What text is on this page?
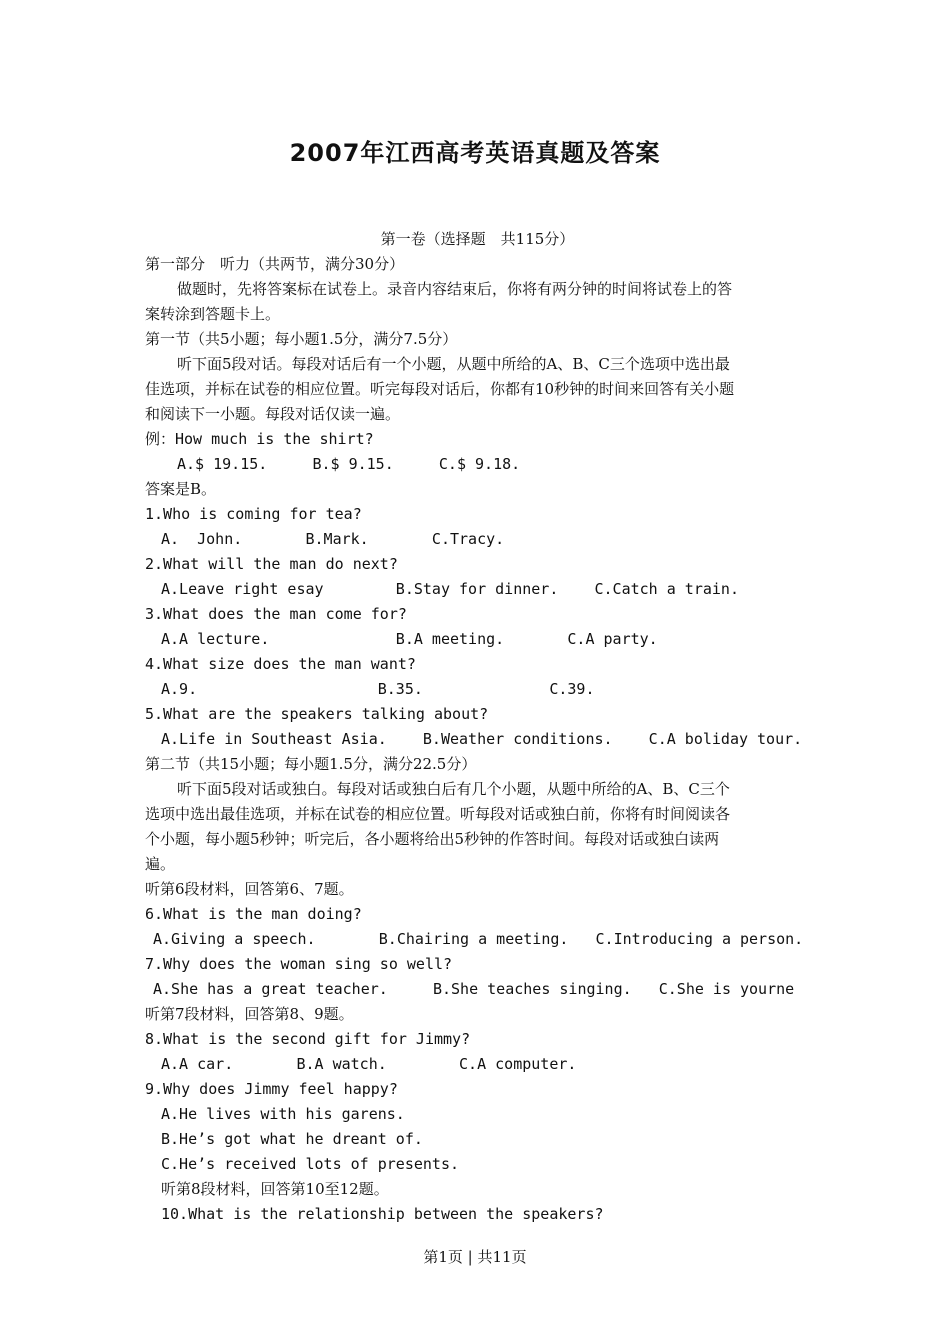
2007年江西高考英语真题及答案
第一卷（选择题　共115分）
第一部分　听力（共两节，满分30分）
做题时，先将答案标在试卷上。录音内容结束后，你将有两分钟的时间将试卷上的答
案转涂到答题卡上。
第一节（共5小题；每小题1.5分，满分7.5分）
听下面5段对话。每段对话后有一个小题，从题中所给的A、B、C三个选项中选出最
佳选项，并标在试卷的相应位置。听完每段对话后，你都有10秒钟的时间来回答有关小题
和阅读下一小题。每段对话仅读一遍。
例：How much is the shirt?
A.$ 19.15.     B.$ 9.15.     C.$ 9.18.
答案是B。
1.Who is coming for tea?
A.  John.       B.Mark.       C.Tracy.
2.What will the man do next?
A.Leave right esay        B.Stay for dinner.    C.Catch a train.
3.What does the man come for?
A.A lecture.              B.A meeting.       C.A party.
4.What size does the man want?
A.9.                    B.35.              C.39.
5.What are the speakers talking about?
A.Life in Southeast Asia.    B.Weather conditions.    C.A boliday tour.
第二节（共15小题；每小题1.5分，满分22.5分）
听下面5段对话或独白。每段对话或独白后有几个小题，从题中所给的A、B、C三个
选项中选出最佳选项，并标在试卷的相应位置。听每段对话或独白前，你将有时间阅读各
个小题，每小题5秒钟；听完后，各小题将给出5秒钟的作答时间。每段对话或独白读两
遍。
听第6段材料，回答第6、7题。
6.What is the man doing?
A.Giving a speech.       B.Chairing a meeting.   C.Introducing a person.
7.Why does the woman sing so well?
A.She has a great teacher.     B.She teaches singing.   C.She is yourne
听第7段材料，回答第8、9题。
8.What is the second gift for Jimmy?
A.A car.       B.A watch.        C.A computer.
9.Why does Jimmy feel happy?
A.He lives with his garens.
B.He’s got what he dreant of.
C.He’s received lots of presents.
听第8段材料，回答第10至12题。
10.What is the relationship between the speakers?
第1页 | 共11页
